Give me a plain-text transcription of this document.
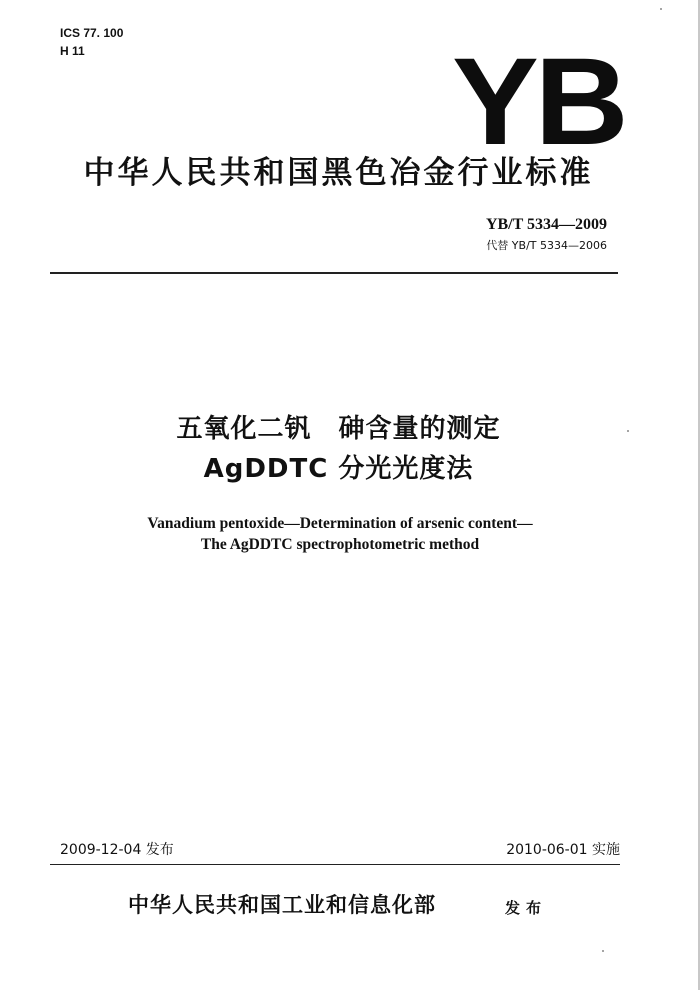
ICS 77. 100
H 11	YB
中华人民共和国黑色冶金行业标准
YB/T 5334—2009
代替 YB/T 5334—2006
五氧化二钒　砷含量的测定
AgDDTC 分光光度法
Vanadium pentoxide—Determination of arsenic content—
The AgDDTC spectrophotometric method
2009-12-04 发布	2010-06-01 实施
中华人民共和国工业和信息化部	发布
